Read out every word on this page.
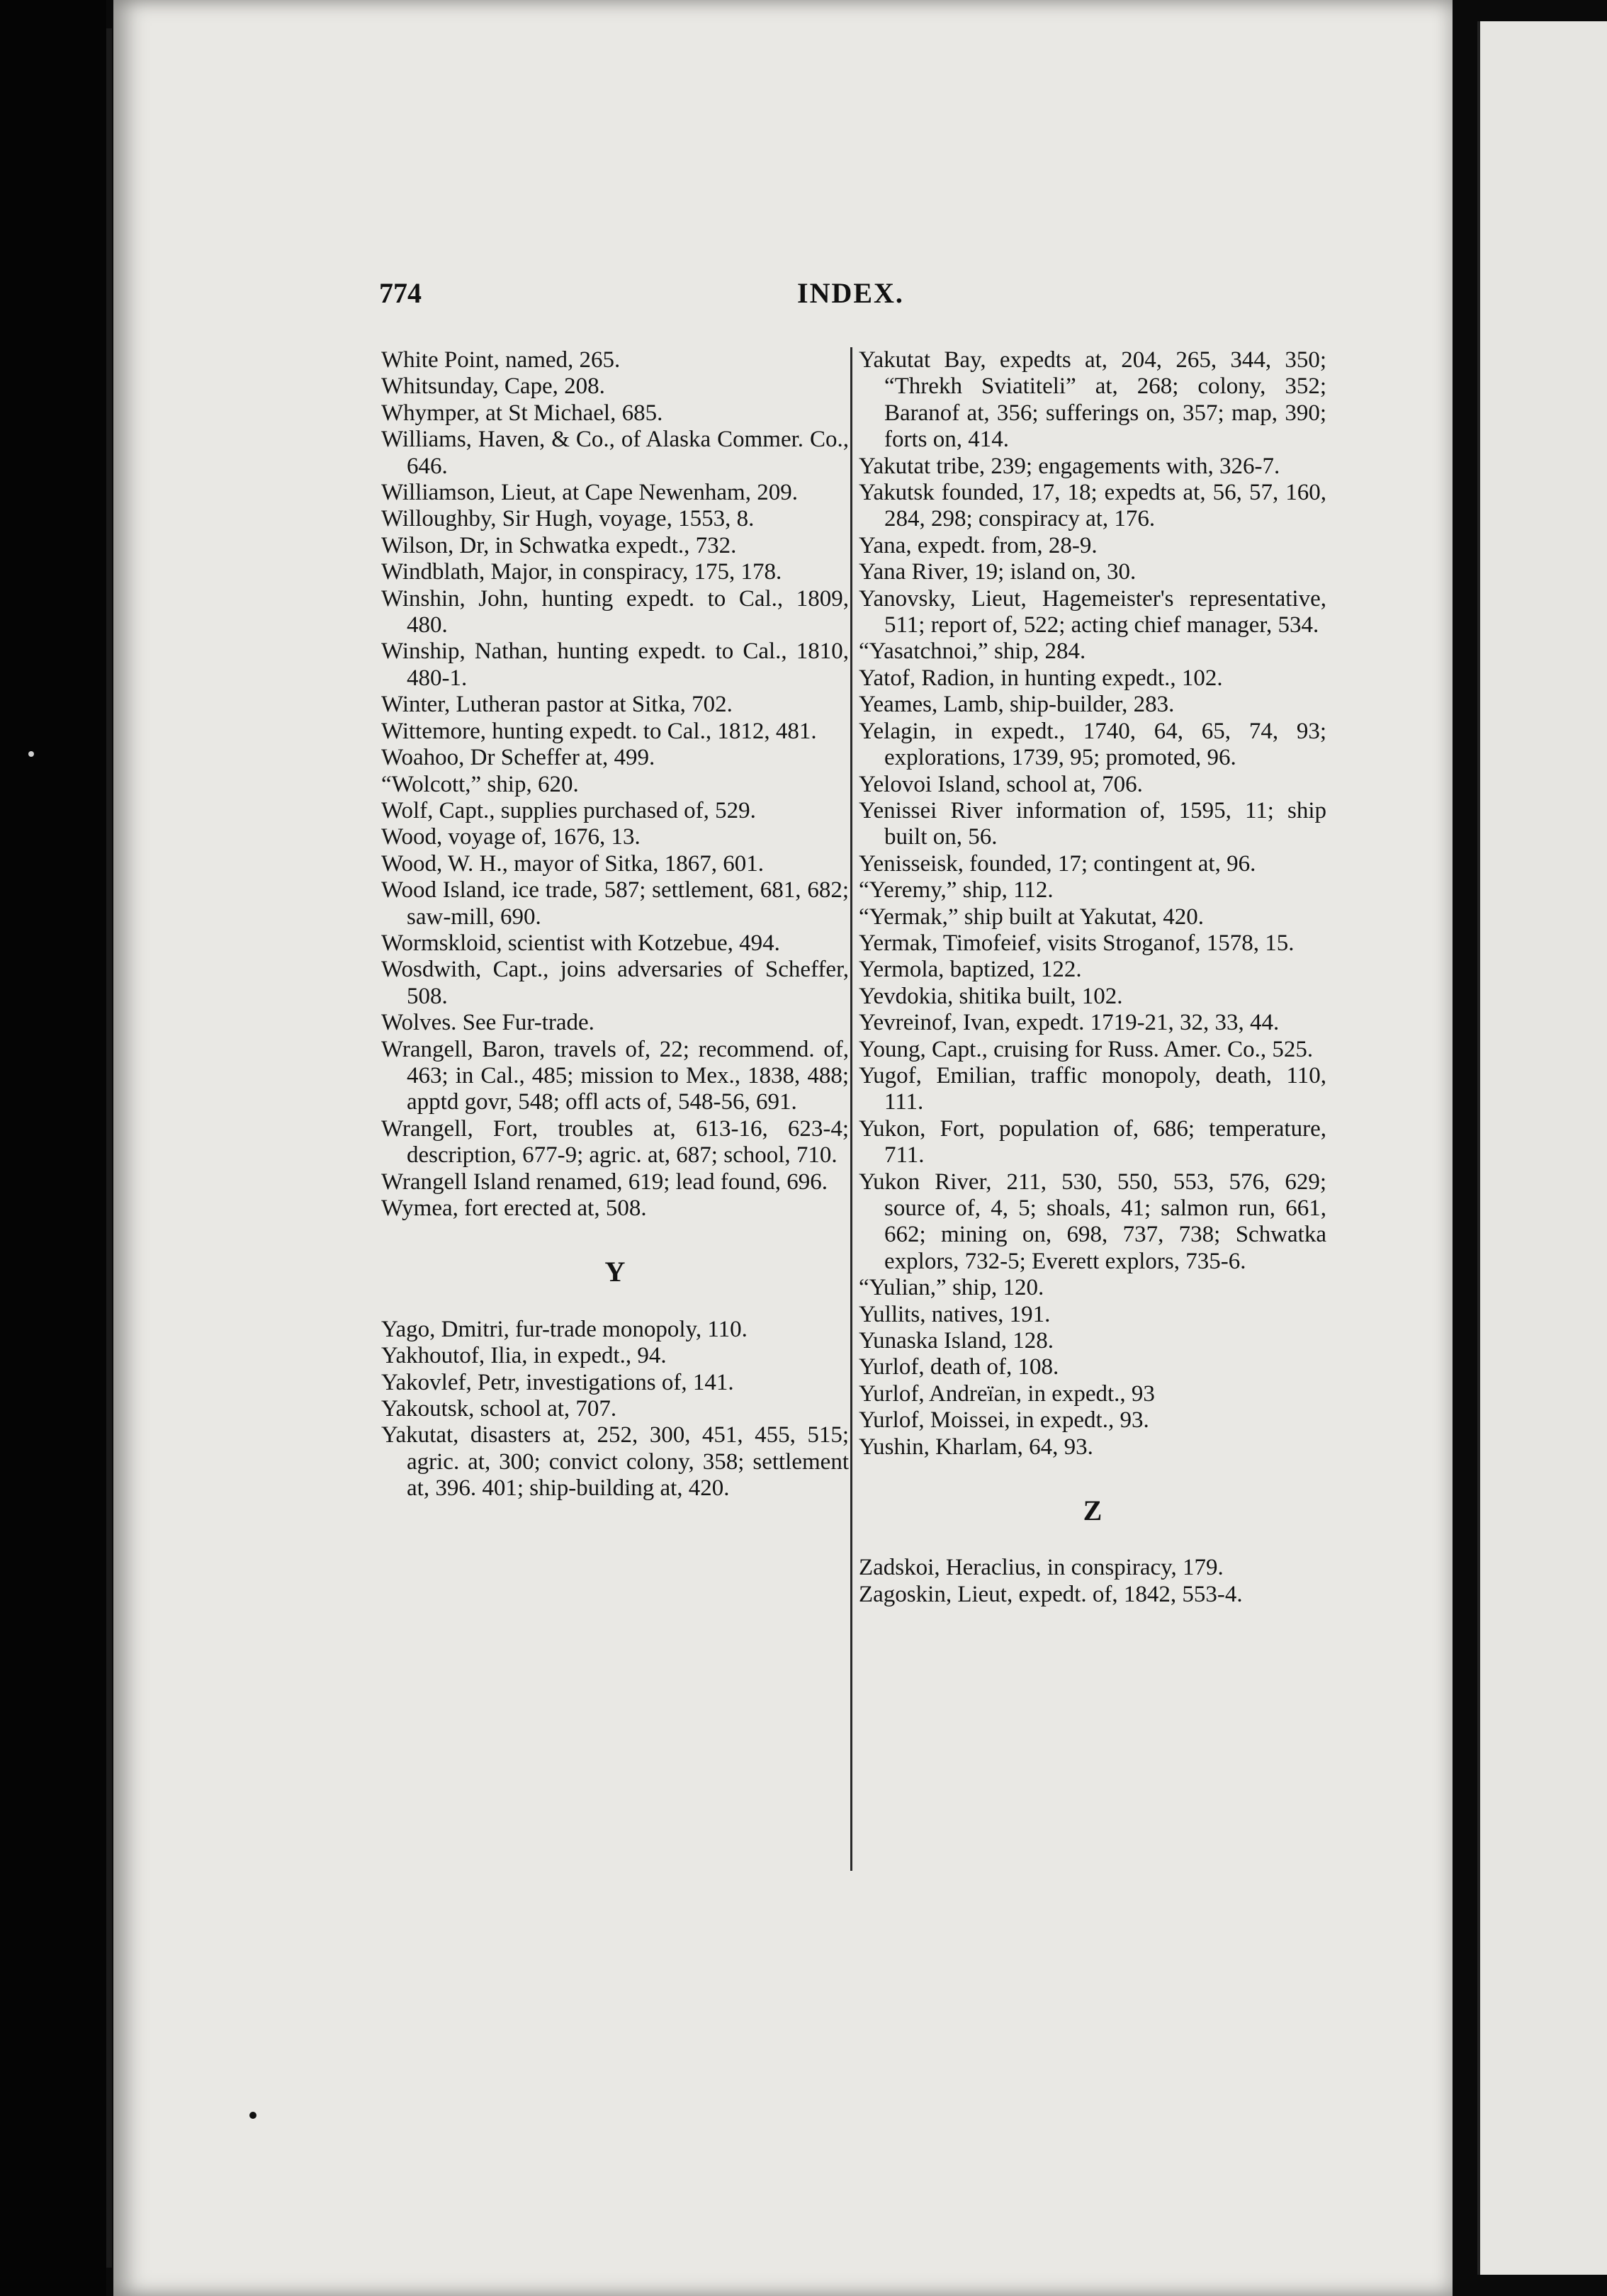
774	INDEX.

White Point, named, 265.

Whitsunday, Cape, 208.

Whymper, at St Michael, 685.

Williams, Haven, & Co., of Alaska Commer. Co., 646.

Williamson, Lieut, at Cape Newenham, 209.

Willoughby, Sir Hugh, voyage, 1553, 8.

Wilson, Dr, in Schwatka expedt., 732.

Windblath, Major, in conspiracy, 175, 178.

Winshin, John, hunting expedt. to Cal., 1809, 480.

Winship, Nathan, hunting expedt. to Cal., 1810, 480-1.

Winter, Lutheran pastor at Sitka, 702.

Wittemore, hunting expedt. to Cal., 1812, 481.

Woahoo, Dr Scheffer at, 499.

“Wolcott,” ship, 620.

Wolf, Capt., supplies purchased of, 529.

Wood, voyage of, 1676, 13.

Wood, W. H., mayor of Sitka, 1867, 601.

Wood Island, ice trade, 587; settlement, 681, 682; saw-mill, 690.

Wormskloid, scientist with Kotzebue, 494.

Wosdwith, Capt., joins adversaries of Scheffer, 508.

Wolves. See Fur-trade.

Wrangell, Baron, travels of, 22; recommend. of, 463; in Cal., 485; mission to Mex., 1838, 488; apptd govr, 548; offl acts of, 548-56, 691.

Wrangell, Fort, troubles at, 613-16, 623-4; description, 677-9; agric. at, 687; school, 710.

Wrangell Island renamed, 619; lead found, 696.

Wymea, fort erected at, 508.

Y

Yago, Dmitri, fur-trade monopoly, 110.

Yakhoutof, Ilia, in expedt., 94.

Yakovlef, Petr, investigations of, 141.

Yakoutsk, school at, 707.

Yakutat, disasters at, 252, 300, 451, 455, 515; agric. at, 300; convict colony, 358; settlement at, 396. 401; ship-building at, 420.

Yakutat Bay, expedts at, 204, 265, 344, 350; “Threkh Sviatiteli” at, 268; colony, 352; Baranof at, 356; sufferings on, 357; map, 390; forts on, 414.

Yakutat tribe, 239; engagements with, 326-7.

Yakutsk founded, 17, 18; expedts at, 56, 57, 160, 284, 298; conspiracy at, 176.

Yana, expedt. from, 28-9.

Yana River, 19; island on, 30.

Yanovsky, Lieut, Hagemeister's representative, 511; report of, 522; acting chief manager, 534.

“Yasatchnoi,” ship, 284.

Yatof, Radion, in hunting expedt., 102.

Yeames, Lamb, ship-builder, 283.

Yelagin, in expedt., 1740, 64, 65, 74, 93; explorations, 1739, 95; promoted, 96.

Yelovoi Island, school at, 706.

Yenissei River information of, 1595, 11; ship built on, 56.

Yenisseisk, founded, 17; contingent at, 96.

“Yeremy,” ship, 112.

“Yermak,” ship built at Yakutat, 420.

Yermak, Timofeief, visits Stroganof, 1578, 15.

Yermola, baptized, 122.

Yevdokia, shitika built, 102.

Yevreinof, Ivan, expedt. 1719-21, 32, 33, 44.

Young, Capt., cruising for Russ. Amer. Co., 525.

Yugof, Emilian, traffic monopoly, death, 110, 111.

Yukon, Fort, population of, 686; temperature, 711.

Yukon River, 211, 530, 550, 553, 576, 629; source of, 4, 5; shoals, 41; salmon run, 661, 662; mining on, 698, 737, 738; Schwatka explors, 732-5; Everett explors, 735-6.

“Yulian,” ship, 120.

Yullits, natives, 191.

Yunaska Island, 128.

Yurlof, death of, 108.

Yurlof, Andreïan, in expedt., 93

Yurlof, Moissei, in expedt., 93.

Yushin, Kharlam, 64, 93.

Z

Zadskoi, Heraclius, in conspiracy, 179.

Zagoskin, Lieut, expedt. of, 1842, 553-4.
